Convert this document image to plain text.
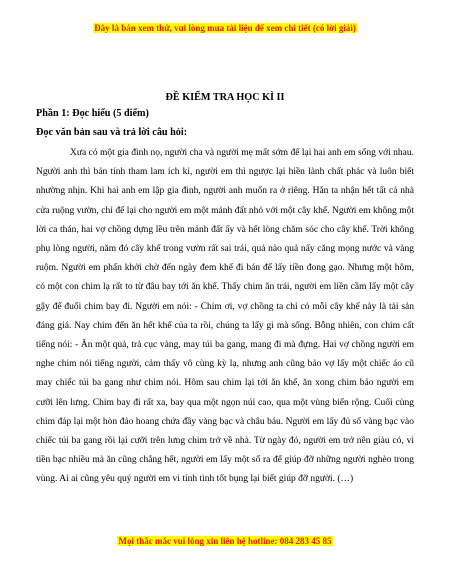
Đây là bản xem thử, vui lòng mua tài liệu để xem chi tiết (có lời giải)
ĐỀ KIỂM TRA HỌC KÌ II
Phần 1: Đọc hiểu (5 điểm)
Đọc văn bản sau và trả lời câu hỏi:

Xưa có một gia đình nọ, người cha và người mẹ mất sớm để lại hai anh em sống với nhau. Người anh thì bản tính tham lam ích kỉ, người em thì ngược lại hiền lành chất phác và luôn biết nhường nhịn. Khi hai anh em lập gia đình, người anh muốn ra ở riêng. Hắn ta nhận hết tất cả nhà cửa ruộng vườn, chỉ để lại cho người em một mảnh đất nhỏ với một cây khế. Người em không một lời ca thán, hai vợ chồng dựng lều trên mảnh đất ấy và hết lòng chăm sóc cho cây khế. Trời không phụ lòng người, năm đó cây khế trong vườn rất sai trái, quả nào quả nấy căng mọng nước và vàng ruộm. Người em phấn khởi chờ đến ngày đem khế đi bán để lấy tiền đong gạo. Nhưng một hôm, có một con chim lạ rất to từ đâu bay tới ăn khế. Thấy chim ăn trái, người em liền cầm lấy một cây gậy để đuổi chim bay đi. Người em nói: - Chim ơi, vợ chồng ta chỉ có mỗi cây khế này là tài sản đáng giá. Nay chim đến ăn hết khế của ta rồi, chúng ta lấy gì mà sống. Bỗng nhiên, con chim cất tiếng nói: - Ăn một quả, trả cục vàng, may túi ba gang, mang đi mà đựng. Hai vợ chồng người em nghe chim nói tiếng người, cảm thấy vô cùng kỳ lạ, nhưng anh cũng bảo vợ lấy một chiếc áo cũ may chiếc túi ba gang như chim nói. Hôm sau chim lại tới ăn khế, ăn xong chim bảo người em cưỡi lên lưng. Chim bay đi rất xa, bay qua một ngọn núi cao, qua một vùng biển rộng. Cuối cùng chim đáp lại một hòn đảo hoang chứa đầy vàng bạc và châu báu. Người em lấy đủ số vàng bạc vào chiếc túi ba gang rồi lại cưỡi trên lưng chim trở về nhà. Từ ngày đó, người em trở nên giàu có, vì tiền bạc nhiều mà ăn cũng chẳng hết, người em lấy một số ra để giúp đỡ những người nghèo trong vùng. Ai ai cũng yêu quý người em vì tính tình tốt bụng lại biết giúp đỡ người. (…)

Mọi thắc mắc vui lòng xin liên hệ hotline: 084 283 45 85
